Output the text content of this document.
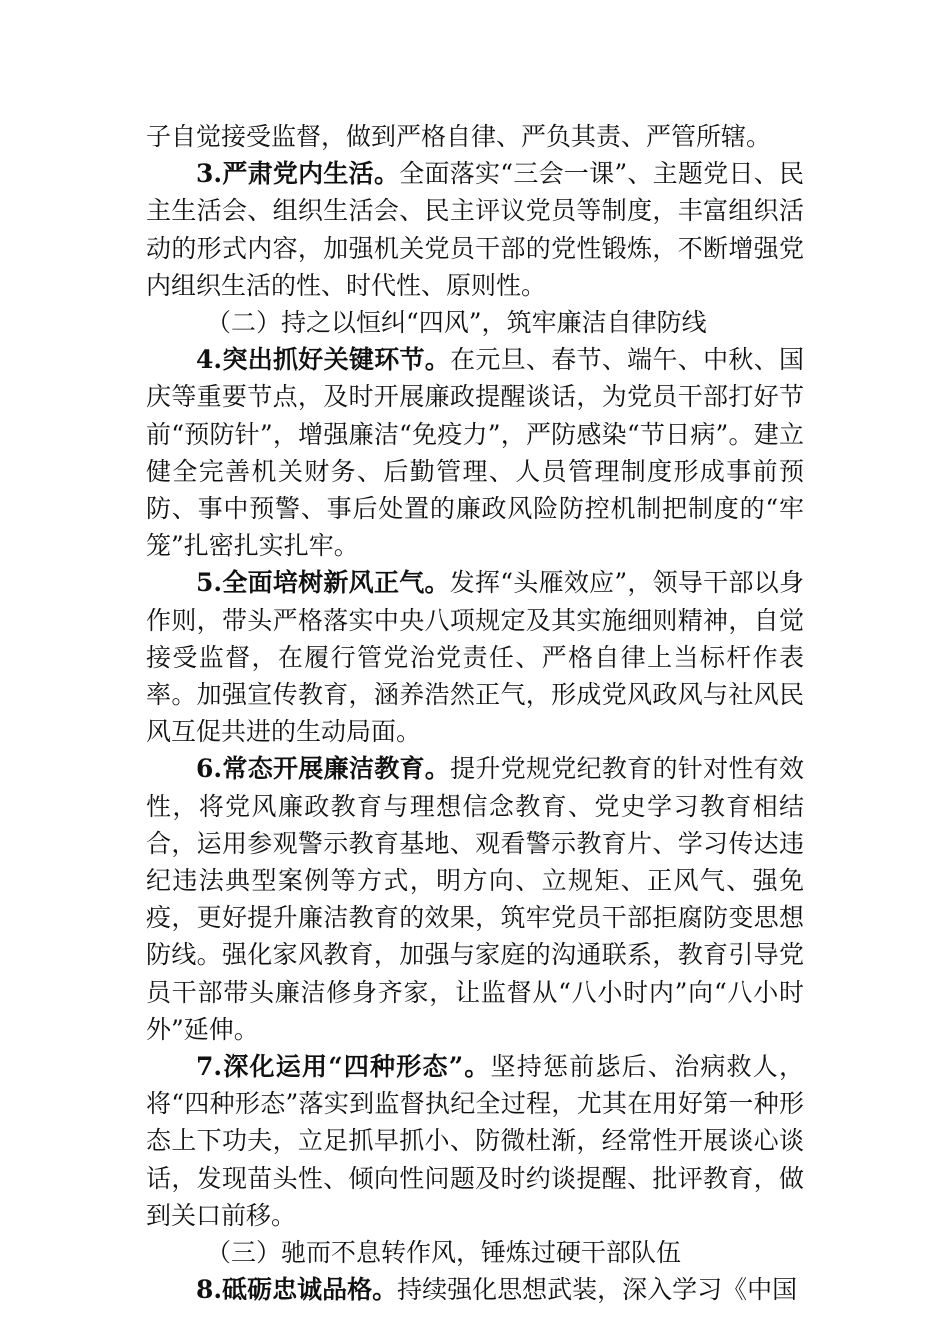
子自觉接受监督，做到严格自律、严负其责、严管所辖。

3.严肃党内生活。全面落实“三会一课”、主题党日、民主生活会、组织生活会、民主评议党员等制度，丰富组织活动的形式内容，加强机关党员干部的党性锻炼，不断增强党内组织生活的性、时代性、原则性。

（二）持之以恒纠“四风”，筑牢廉洁自律防线

4.突出抓好关键环节。在元旦、春节、端午、中秋、国庆等重要节点，及时开展廉政提醒谈话，为党员干部打好节前“预防针”，增强廉洁“免疫力”，严防感染“节日病”。建立健全完善机关财务、后勤管理、人员管理制度形成事前预防、事中预警、事后处置的廉政风险防控机制把制度的“牢笼”扎密扎实扎牢。

5.全面培树新风正气。发挥“头雁效应”，领导干部以身作则，带头严格落实中央八项规定及其实施细则精神，自觉接受监督，在履行管党治党责任、严格自律上当标杆作表率。加强宣传教育，涵养浩然正气，形成党风政风与社风民风互促共进的生动局面。

6.常态开展廉洁教育。提升党规党纪教育的针对性有效性，将党风廉政教育与理想信念教育、党史学习教育相结合，运用参观警示教育基地、观看警示教育片、学习传达违纪违法典型案例等方式，明方向、立规矩、正风气、强免疫，更好提升廉洁教育的效果，筑牢党员干部拒腐防变思想防线。强化家风教育，加强与家庭的沟通联系，教育引导党员干部带头廉洁修身齐家，让监督从“八小时内”向“八小时外”延伸。

7.深化运用“四种形态”。坚持惩前毖后、治病救人，将“四种形态”落实到监督执纪全过程，尤其在用好第一种形态上下功夫，立足抓早抓小、防微杜渐，经常性开展谈心谈话，发现苗头性、倾向性问题及时约谈提醒、批评教育，做到关口前移。

（三）驰而不息转作风，锤炼过硬干部队伍

8.砥砺忠诚品格。持续强化思想武装，深入学习《中国
